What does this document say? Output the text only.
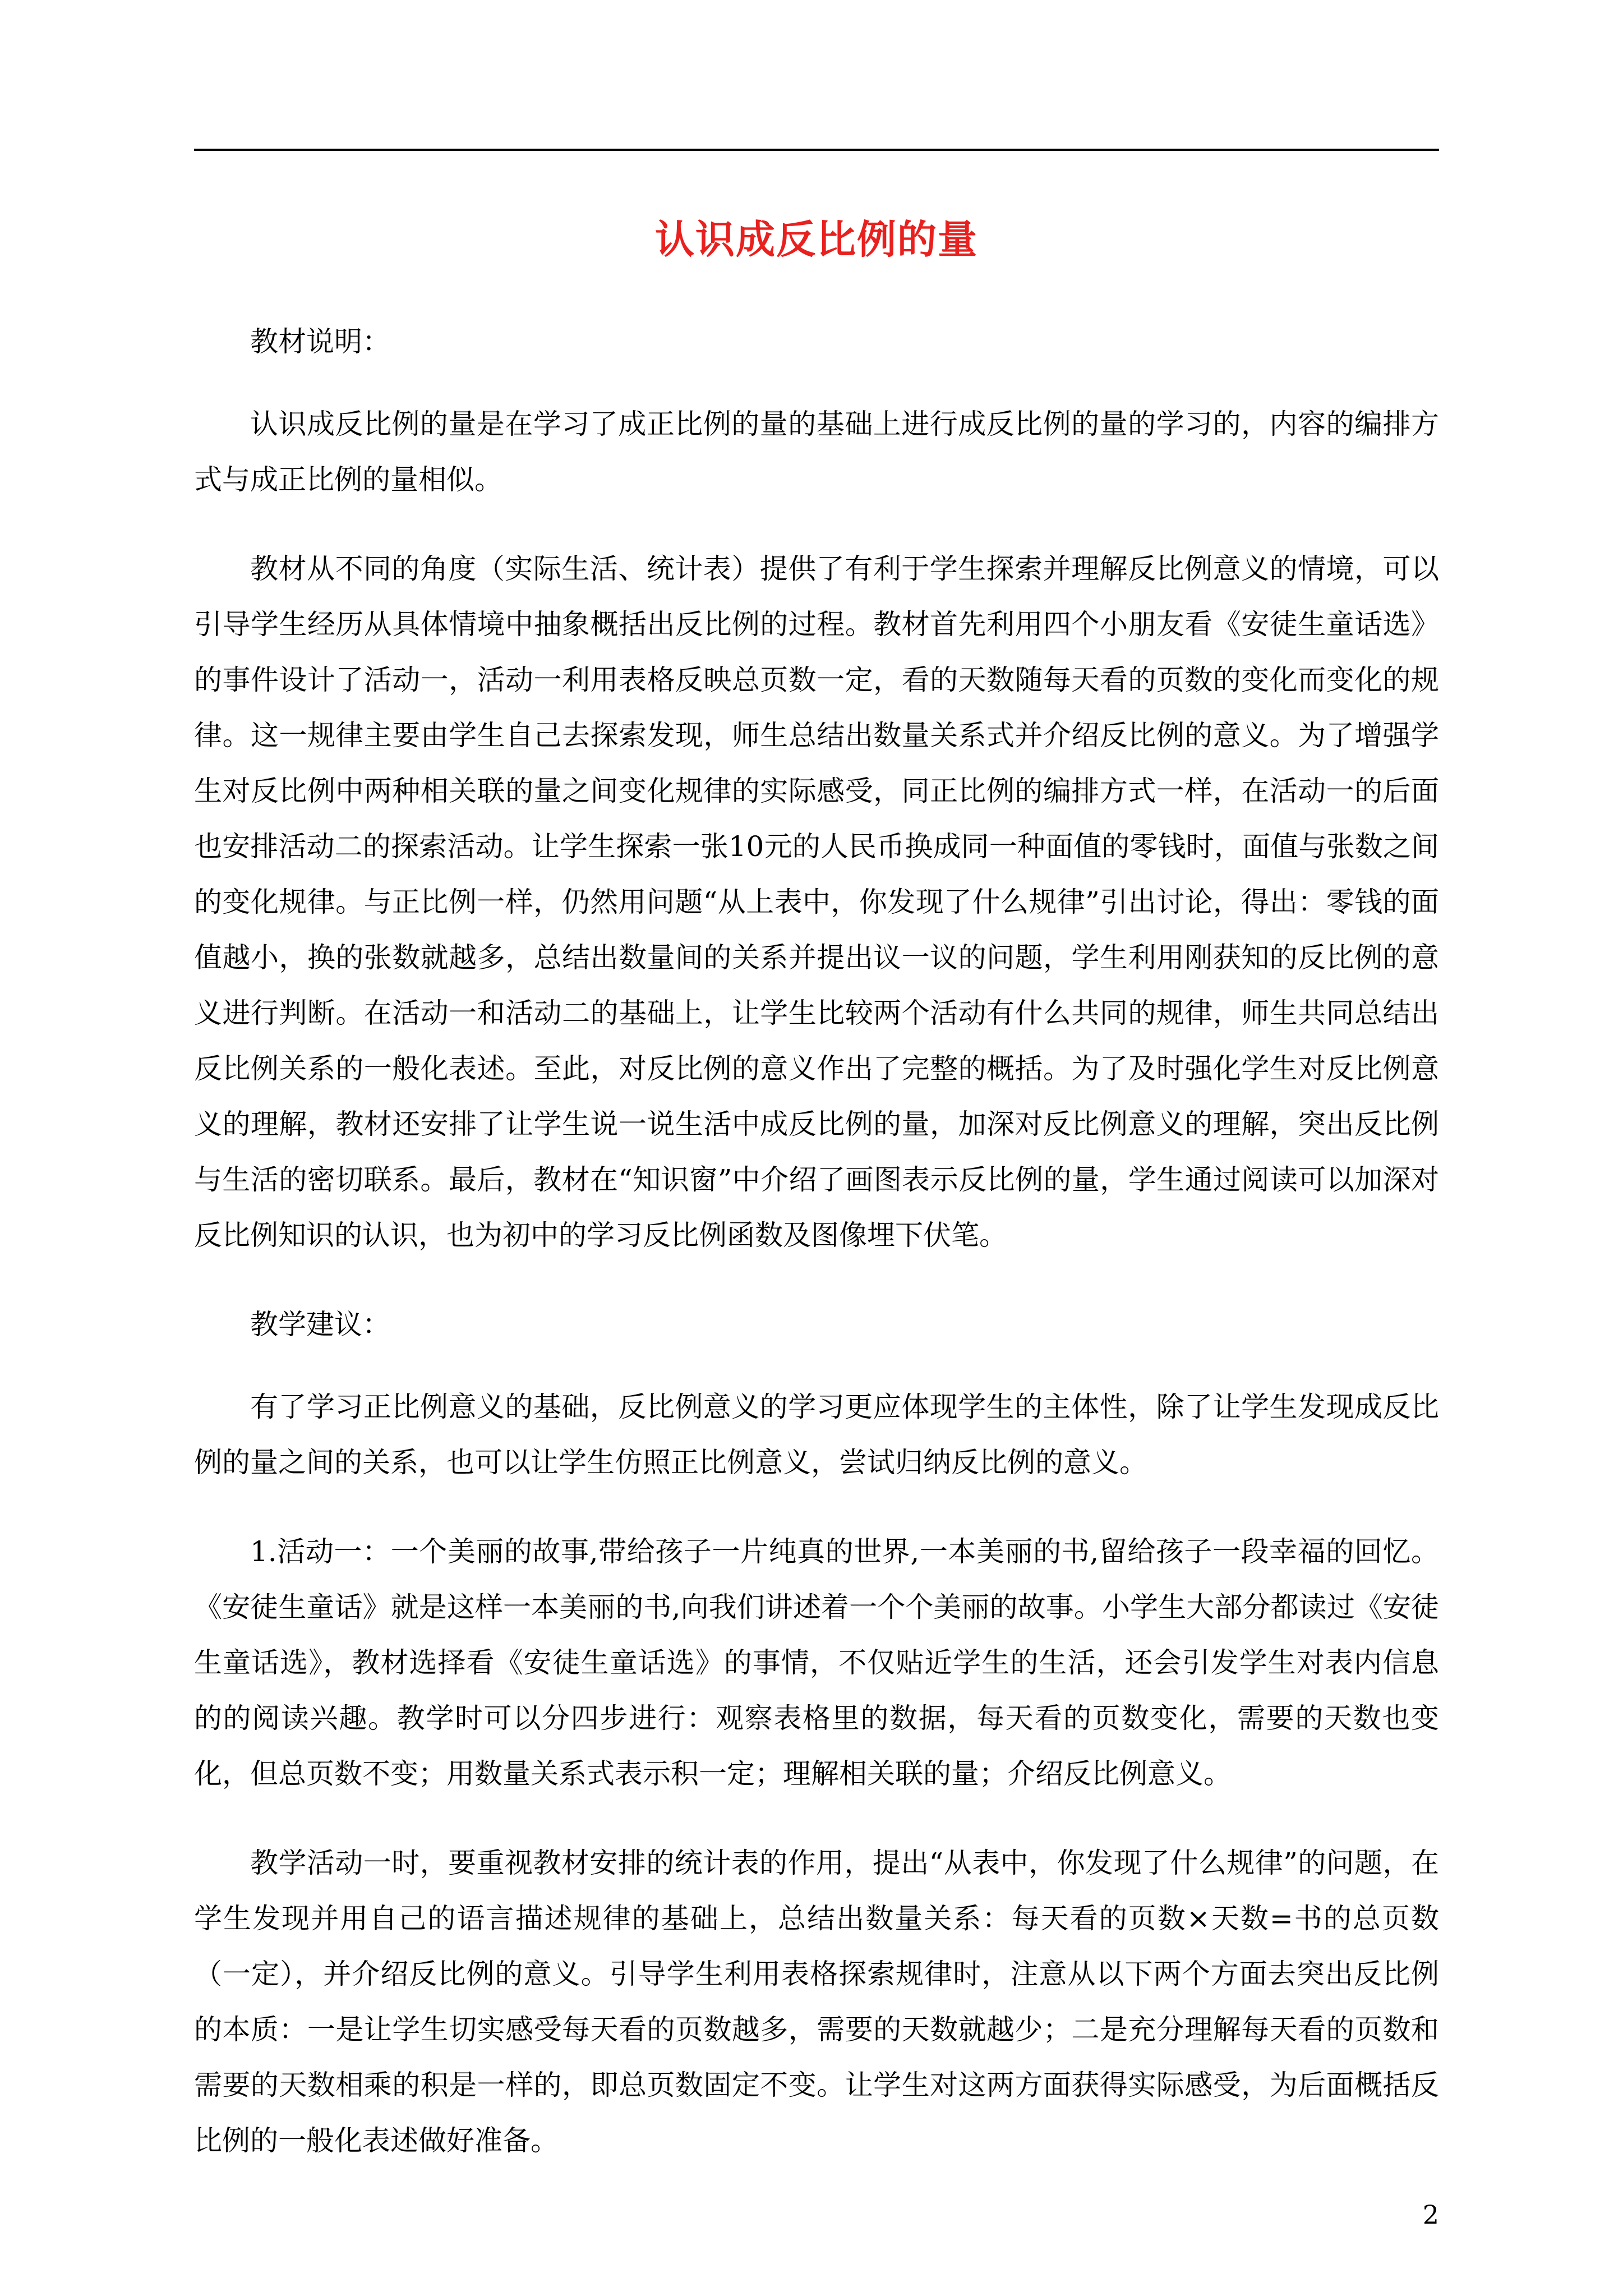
认识成反比例的量

教材说明：

认识成反比例的量是在学习了成正比例的量的基础上进行成反比例的量的学习的，内容的编排方式与成正比例的量相似。

教材从不同的角度（实际生活、统计表）提供了有利于学生探索并理解反比例意义的情境，可以引导学生经历从具体情境中抽象概括出反比例的过程。教材首先利用四个小朋友看《安徒生童话选》的事件设计了活动一，活动一利用表格反映总页数一定，看的天数随每天看的页数的变化而变化的规律。这一规律主要由学生自己去探索发现，师生总结出数量关系式并介绍反比例的意义。为了增强学生对反比例中两种相关联的量之间变化规律的实际感受，同正比例的编排方式一样，在活动一的后面也安排活动二的探索活动。让学生探索一张10元的人民币换成同一种面值的零钱时，面值与张数之间的变化规律。与正比例一样，仍然用问题“从上表中，你发现了什么规律”引出讨论，得出：零钱的面值越小，换的张数就越多，总结出数量间的关系并提出议一议的问题，学生利用刚获知的反比例的意义进行判断。在活动一和活动二的基础上，让学生比较两个活动有什么共同的规律，师生共同总结出反比例关系的一般化表述。至此，对反比例的意义作出了完整的概括。为了及时强化学生对反比例意义的理解，教材还安排了让学生说一说生活中成反比例的量，加深对反比例意义的理解，突出反比例与生活的密切联系。最后，教材在“知识窗”中介绍了画图表示反比例的量，学生通过阅读可以加深对反比例知识的认识，也为初中的学习反比例函数及图像埋下伏笔。

教学建议：

有了学习正比例意义的基础，反比例意义的学习更应体现学生的主体性，除了让学生发现成反比例的量之间的关系，也可以让学生仿照正比例意义，尝试归纳反比例的意义。

1.活动一：一个美丽的故事,带给孩子一片纯真的世界,一本美丽的书,留给孩子一段幸福的回忆。《安徒生童话》就是这样一本美丽的书,向我们讲述着一个个美丽的故事。小学生大部分都读过《安徒生童话选》，教材选择看《安徒生童话选》的事情，不仅贴近学生的生活，还会引发学生对表内信息的的阅读兴趣。教学时可以分四步进行：观察表格里的数据，每天看的页数变化，需要的天数也变化，但总页数不变；用数量关系式表示积一定；理解相关联的量；介绍反比例意义。

教学活动一时，要重视教材安排的统计表的作用，提出“从表中，你发现了什么规律”的问题，在学生发现并用自己的语言描述规律的基础上，总结出数量关系：每天看的页数×天数=书的总页数（一定），并介绍反比例的意义。引导学生利用表格探索规律时，注意从以下两个方面去突出反比例的本质：一是让学生切实感受每天看的页数越多，需要的天数就越少；二是充分理解每天看的页数和需要的天数相乘的积是一样的，即总页数固定不变。让学生对这两方面获得实际感受，为后面概括反比例的一般化表述做好准备。

2
